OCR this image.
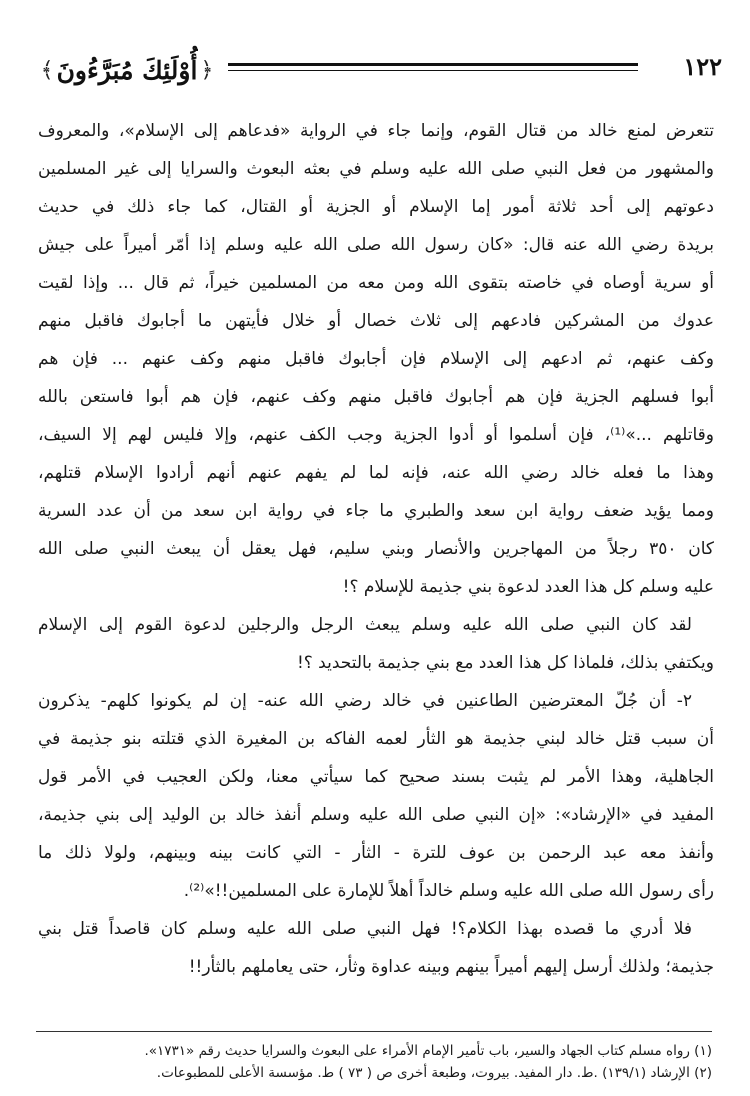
﴿
أُوْلَئِكَ مُبَرَّءُونَ
﴾	١٢٢
تتعرض لمنع خالد من قتال القوم، وإنما جاء في الرواية «فدعاهم إلى الإسلام»، والمعروف
والمشهور من فعل النبي صلى الله عليه وسلم في بعثه البعوث والسرايا إلى غير المسلمين
دعوتهم إلى أحد ثلاثة أمور إما الإسلام أو الجزية أو القتال، كما جاء ذلك في حديث
بريدة رضي الله عنه قال: «كان رسول الله صلى الله عليه وسلم إذا أمّر أميراً على جيش
أو سرية أوصاه في خاصته بتقوى الله ومن معه من المسلمين خيراً، ثم قال ... وإذا لقيت
عدوك من المشركين فادعهم إلى ثلاث خصال أو خلال فأيتهن ما أجابوك فاقبل منهم
وكف عنهم، ثم ادعهم إلى الإسلام فإن أجابوك فاقبل منهم وكف عنهم ... فإن هم
أبوا فسلهم الجزية فإن هم أجابوك فاقبل منهم وكف عنهم، فإن هم أبوا فاستعن بالله
وقاتلهم ...»⁽¹⁾، فإن أسلموا أو أدوا الجزية وجب الكف عنهم، وإلا فليس لهم إلا السيف،
وهذا ما فعله خالد رضي الله عنه، فإنه لما لم يفهم عنهم أنهم أرادوا الإسلام قتلهم،
ومما يؤيد ضعف رواية ابن سعد والطبري ما جاء في رواية ابن سعد من أن عدد السرية
كان ٣٥٠ رجلاً من المهاجرين والأنصار وبني سليم، فهل يعقل أن يبعث النبي صلى الله
عليه وسلم كل هذا العدد لدعوة بني جذيمة للإسلام ؟!
لقد كان النبي صلى الله عليه وسلم يبعث الرجل والرجلين لدعوة القوم إلى الإسلام
ويكتفي بذلك، فلماذا كل هذا العدد مع بني جذيمة بالتحديد ؟!
٢- أن جُلّ المعترضين الطاعنين في خالد رضي الله عنه- إن لم يكونوا كلهم- يذكرون
أن سبب قتل خالد لبني جذيمة هو الثأر لعمه الفاكه بن المغيرة الذي قتلته بنو جذيمة في
الجاهلية، وهذا الأمر لم يثبت بسند صحيح كما سيأتي معنا، ولكن العجيب في الأمر قول
المفيد في «الإرشاد»: «إن النبي صلى الله عليه وسلم أنفذ خالد بن الوليد إلى بني جذيمة،
وأنفذ معه عبد الرحمن بن عوف للترة - الثأر - التي كانت بينه وبينهم، ولولا ذلك ما
رأى رسول الله صلى الله عليه وسلم خالداً أهلاً للإمارة على المسلمين!!»⁽²⁾.
فلا أدري ما قصده بهذا الكلام؟! فهل النبي صلى الله عليه وسلم كان قاصداً قتل بني
جذيمة؛ ولذلك أرسل إليهم أميراً بينهم وبينه عداوة وثأر، حتى يعاملهم بالثأر!!
(١) رواه مسلم كتاب الجهاد والسير، باب تأمير الإمام الأمراء على البعوث والسرايا حديث رقم «١٧٣١».
(٢) الإرشاد (١٣٩/١) .ط. دار المفيد. بيروت، وطبعة أخرى ص ( ٧٣ ) ط. مؤسسة الأعلى للمطبوعات.
